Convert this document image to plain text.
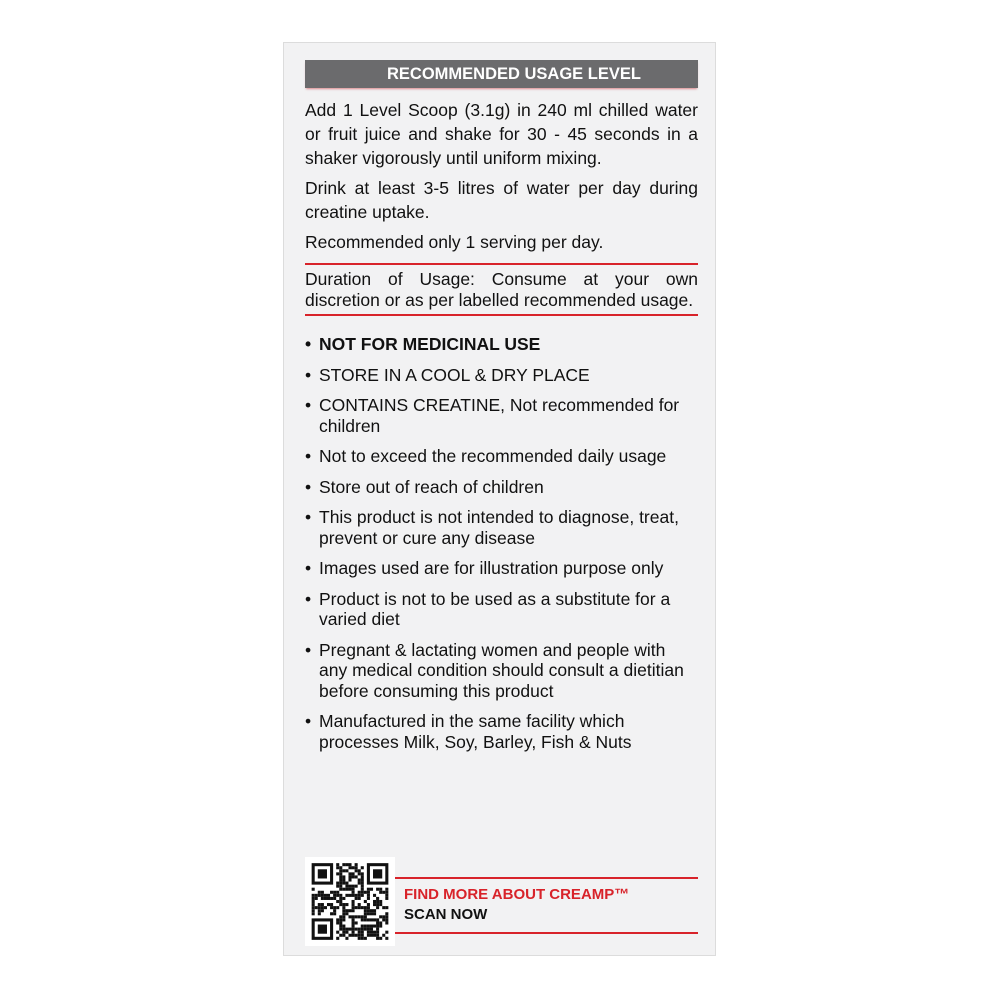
RECOMMENDED USAGE LEVEL

Add 1 Level Scoop (3.1g) in 240 ml chilled water or fruit juice and shake for 30 - 45 seconds in a shaker vigorously until uniform mixing.

Drink at least 3-5 litres of water per day during creatine uptake.

Recommended only 1 serving per day.

Duration of Usage: Consume at your own discretion or as per labelled recommended usage.
• NOT FOR MEDICINAL USE
• STORE IN A COOL & DRY PLACE
• CONTAINS CREATINE, Not recommended for children
• Not to exceed the recommended daily usage
• Store out of reach of children
• This product is not intended to diagnose, treat, prevent or cure any disease
• Images used are for illustration purpose only
• Product is not to be used as a substitute for a varied diet
• Pregnant & lactating women and people with any medical condition should consult a dietitian before consuming this product
• Manufactured in the same facility which processes Milk, Soy, Barley, Fish & Nuts
FIND MORE ABOUT CREAMP™
SCAN NOW
